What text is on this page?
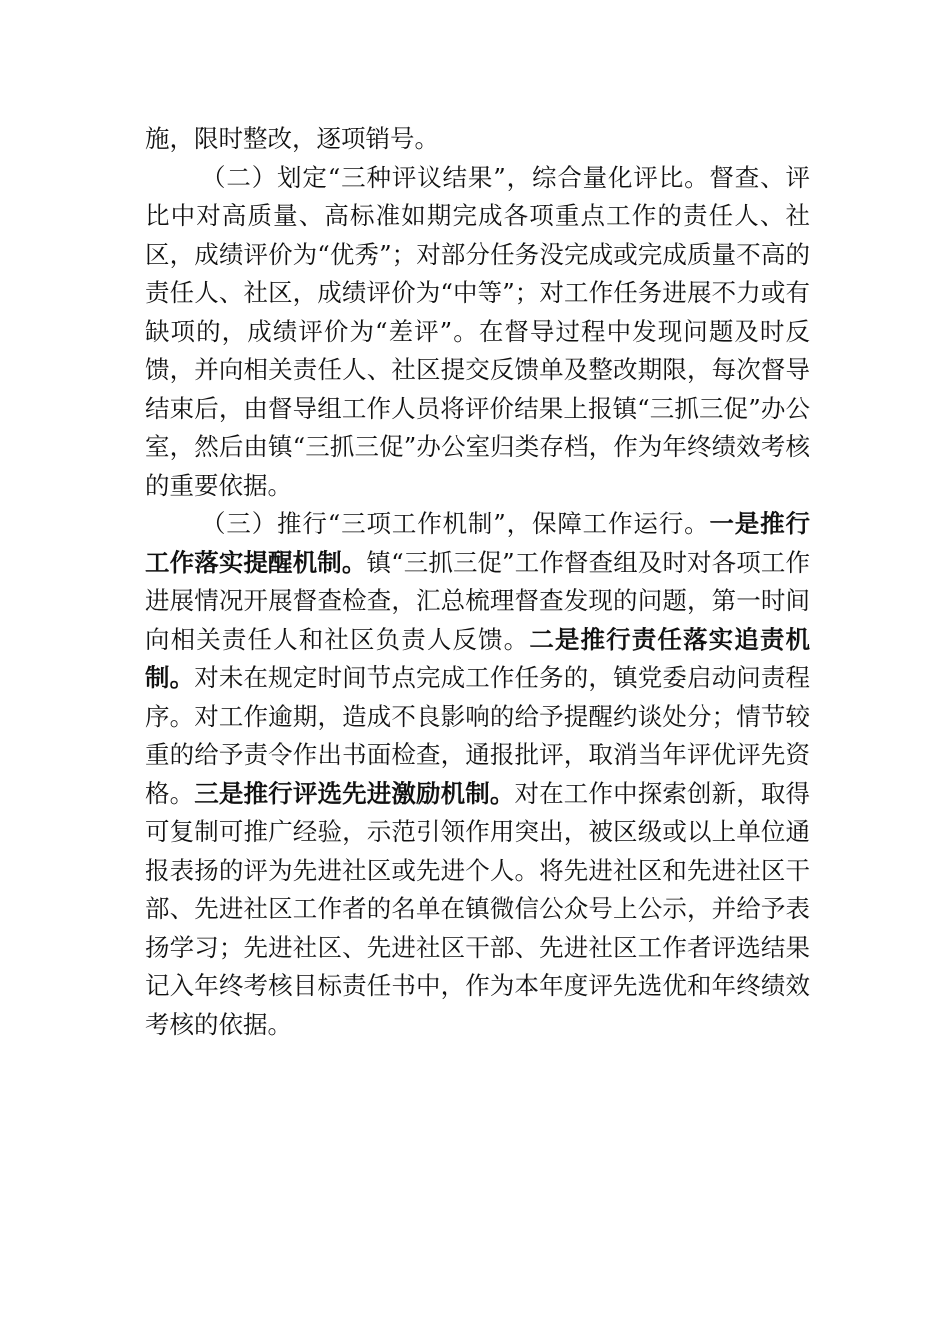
施，限时整改，逐项销号。

（二）划定“三种评议结果”，综合量化评比。督查、评比中对高质量、高标准如期完成各项重点工作的责任人、社区，成绩评价为“优秀”；对部分任务没完成或完成质量不高的责任人、社区，成绩评价为“中等”；对工作任务进展不力或有缺项的，成绩评价为“差评”。在督导过程中发现问题及时反馈，并向相关责任人、社区提交反馈单及整改期限，每次督导结束后，由督导组工作人员将评价结果上报镇“三抓三促”办公室，然后由镇“三抓三促”办公室归类存档，作为年终绩效考核的重要依据。

（三）推行“三项工作机制”，保障工作运行。一是推行工作落实提醒机制。镇“三抓三促”工作督查组及时对各项工作进展情况开展督查检查，汇总梳理督查发现的问题，第一时间向相关责任人和社区负责人反馈。二是推行责任落实追责机制。对未在规定时间节点完成工作任务的，镇党委启动问责程序。对工作逾期，造成不良影响的给予提醒约谈处分；情节较重的给予责令作出书面检查，通报批评，取消当年评优评先资格。三是推行评选先进激励机制。对在工作中探索创新，取得可复制可推广经验，示范引领作用突出，被区级或以上单位通报表扬的评为先进社区或先进个人。将先进社区和先进社区干部、先进社区工作者的名单在镇微信公众号上公示，并给予表扬学习；先进社区、先进社区干部、先进社区工作者评选结果记入年终考核目标责任书中，作为本年度评先选优和年终绩效考核的依据。
